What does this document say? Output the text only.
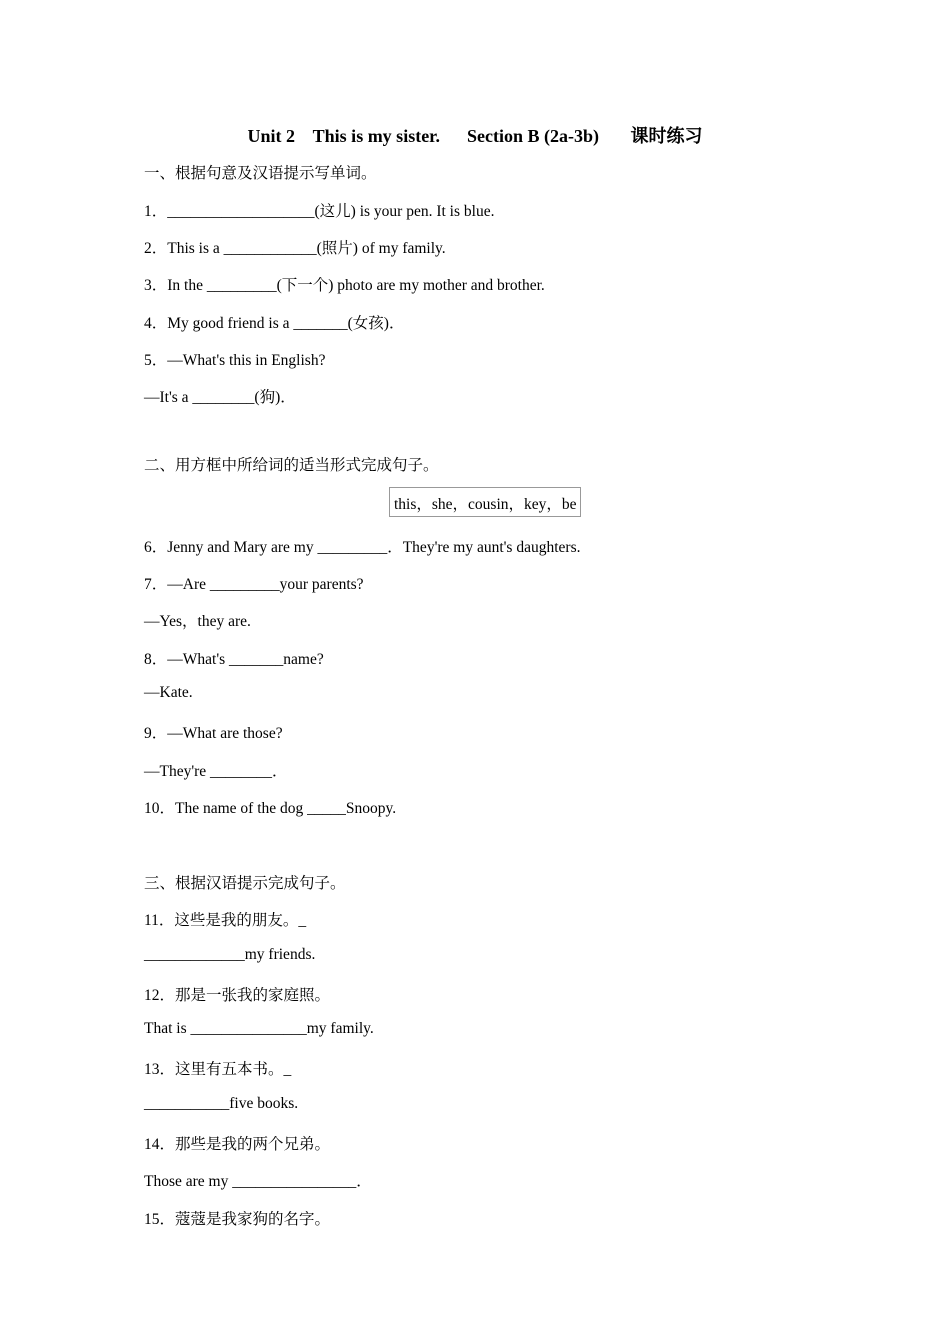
Unit 2    This is my sister.      Section B (2a-3b)       课时练习
一、根据句意及汉语提示写单词。
1．___________________(这儿) is your pen. It is blue.
2．This is a ____________(照片) of my family.
3．In the _________(下一个) photo are my mother and brother.
4．My good friend is a _______(女孩)．
5．—What's this in English?
—It's a ________(狗)．
二、用方框中所给词的适当形式完成句子。
this，she，cousin，key，be
6．Jenny and Mary are my _________．They're my aunt's daughters.
7．—Are _________your parents?
—Yes，they are.
8．—What's _______name?
—Kate.
9．—What are those?
—They're ________．
10．The name of the dog _____Snoopy.
三、根据汉语提示完成句子。
11．这些是我的朋友。_
_____________my friends.
12．那是一张我的家庭照。
That is _______________my family.
13．这里有五本书。_
___________five books.
14．那些是我的两个兄弟。
Those are my ________________．
15．蔻蔻是我家狗的名字。
